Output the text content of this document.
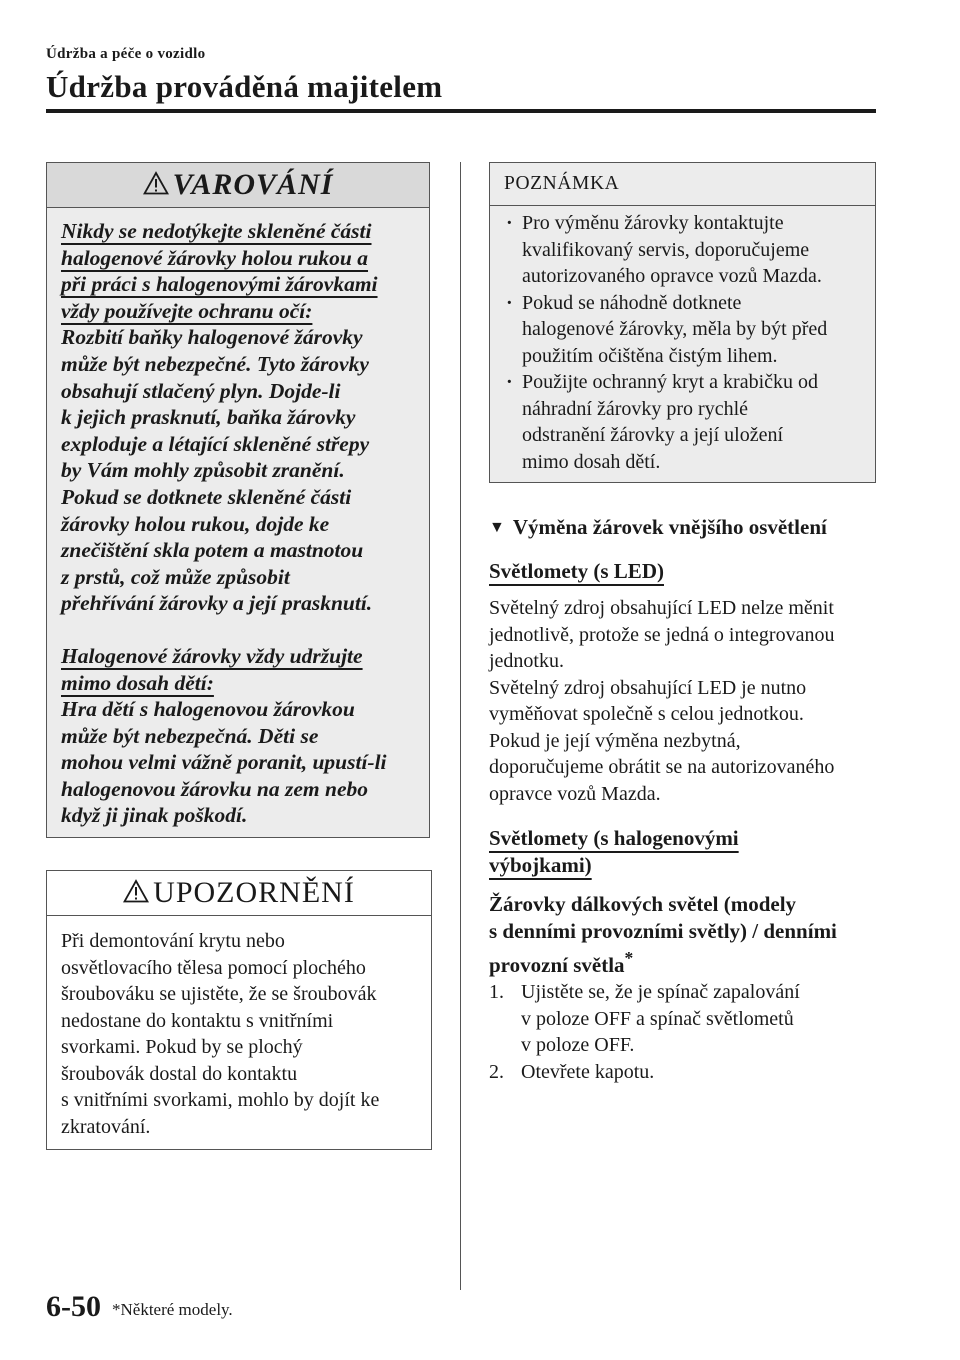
Údržba a péče o vozidlo
Údržba prováděná majitelem
VAROVÁNÍ

Nikdy se nedotýkejte skleněné části
halogenové žárovky holou rukou a
při práci s halogenovými žárovkami
vždy používejte ochranu očí:

Rozbití baňky halogenové žárovky
může být nebezpečné. Tyto žárovky
obsahují stlačený plyn. Dojde-li
k jejich prasknutí, baňka žárovky
exploduje a létající skleněné střepy
by Vám mohly způsobit zranění.
Pokud se dotknete skleněné části
žárovky holou rukou, dojde ke
znečištění skla potem a mastnotou
z prstů, což může způsobit
přehřívání žárovky a její prasknutí.

Halogenové žárovky vždy udržujte
mimo dosah dětí:

Hra dětí s halogenovou žárovkou
může být nebezpečná. Děti se
mohou velmi vážně poranit, upustí-li
halogenovou žárovku na zem nebo
když ji jinak poškodí.

UPOZORNĚNÍ
Při demontování krytu nebo
osvětlovacího tělesa pomocí plochého
šroubováku se ujistěte, že se šroubovák
nedostane do kontaktu s vnitřními
svorkami. Pokud by se plochý
šroubovák dostal do kontaktu
s vnitřními svorkami, mohlo by dojít ke
zkratování.
POZNÁMKA
· Pro výměnu žárovky kontaktujte
kvalifikovaný servis, doporučujeme
autorizovaného opravce vozů Mazda.
· Pokud se náhodně dotknete
halogenové žárovky, měla by být před
použitím očištěna čistým lihem.
· Použijte ochranný kryt a krabičku od
náhradní žárovky pro rychlé
odstranění žárovky a její uložení
mimo dosah dětí.
▼ Výměna žárovek vnějšího osvětlení
Světlomety (s LED)

Světelný zdroj obsahující LED nelze měnit
jednotlivě, protože se jedná o integrovanou
jednotku.
Světelný zdroj obsahující LED je nutno
vyměňovat společně s celou jednotkou.
Pokud je její výměna nezbytná,
doporučujeme obrátit se na autorizovaného
opravce vozů Mazda.

Světlomety (s halogenovými
výbojkami)
Žárovky dálkových světel (modely
s denními provozními světly) / denními
provozní světla*
1. Ujistěte se, že je spínač zapalování
v poloze OFF a spínač světlometů
v poloze OFF.
2. Otevřete kapotu.
6-50 *Některé modely.
